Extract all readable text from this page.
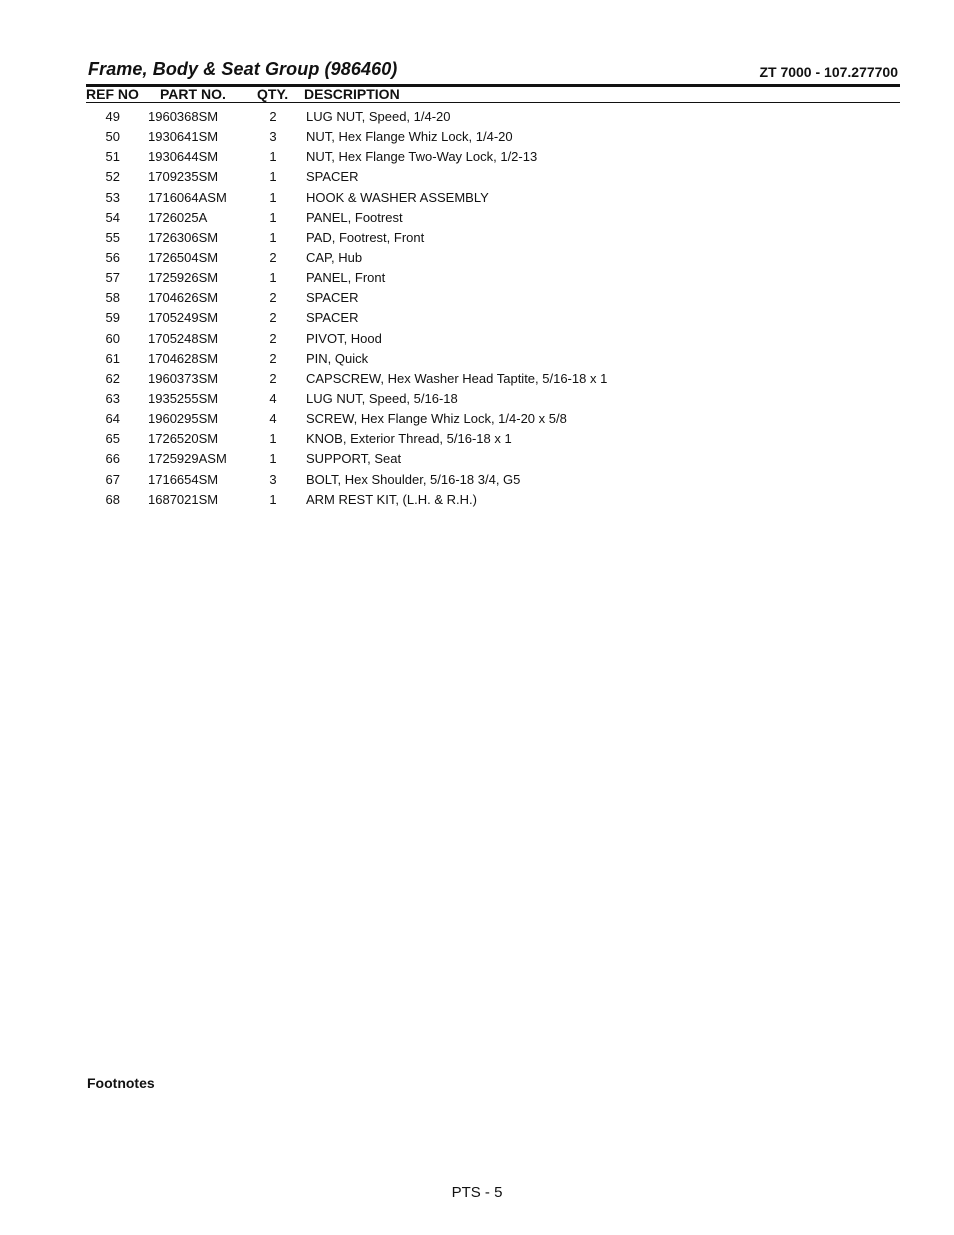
Frame, Body & Seat Group (986460)	ZT 7000 - 107.277700
REF NO PART NO. QTY. DESCRIPTION
49 1960368SM	2 LUG NUT, Speed, 1/4-20
50 1930641SM	3 NUT, Hex Flange Whiz Lock, 1/4-20
51 1930644SM	1 NUT, Hex Flange Two-Way Lock, 1/2-13
52 1709235SM	1 SPACER
53 1716064ASM	1 HOOK & WASHER ASSEMBLY
54 1726025A	1 PANEL, Footrest
55 1726306SM	1 PAD, Footrest, Front
56 1726504SM	2 CAP, Hub
57 1725926SM	1 PANEL, Front
58 1704626SM	2 SPACER
59 1705249SM	2 SPACER
60 1705248SM	2 PIVOT, Hood
61 1704628SM	2 PIN, Quick
62 1960373SM	2 CAPSCREW, Hex Washer Head Taptite, 5/16-18 x 1
63 1935255SM	4 LUG NUT, Speed, 5/16-18
64 1960295SM	4 SCREW, Hex Flange Whiz Lock, 1/4-20 x 5/8
65 1726520SM	1 KNOB, Exterior Thread, 5/16-18 x 1
66 1725929ASM	1 SUPPORT, Seat
67 1716654SM	3 BOLT, Hex Shoulder, 5/16-18 3/4, G5
68 1687021SM	1 ARM REST KIT, (L.H. & R.H.)
Footnotes
PTS - 5
